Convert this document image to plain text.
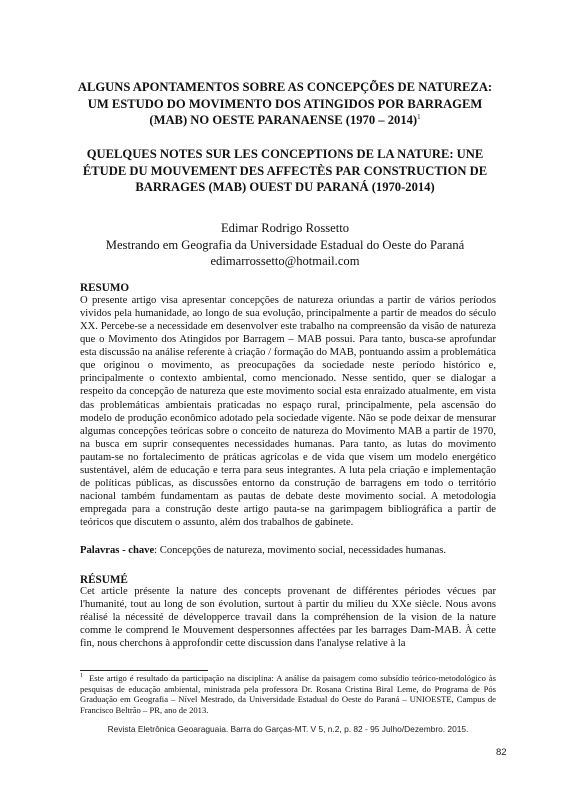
ALGUNS APONTAMENTOS SOBRE AS CONCEPÇÕES DE NATUREZA: UM ESTUDO DO MOVIMENTO DOS ATINGIDOS POR BARRAGEM (MAB) NO OESTE PARANAENSE (1970 – 2014)$^1$
QUELQUES NOTES SUR LES CONCEPTIONS DE LA NATURE: UNE ÉTUDE DU MOUVEMENT DES AFFECTÈS PAR CONSTRUCTION DE BARRAGES (MAB) OUEST DU PARANÁ (1970-2014)
Edimar Rodrigo Rossetto
Mestrando em Geografia da Universidade Estadual do Oeste do Paraná
edimarrossetto@hotmail.com
RESUMO
O presente artigo visa apresentar concepções de natureza oriundas a partir de vários períodos vividos pela humanidade, ao longo de sua evolução, principalmente a partir de meados do século XX. Percebe-se a necessidade em desenvolver este trabalho na compreensão da visão de natureza que o Movimento dos Atingidos por Barragem – MAB possui. Para tanto, busca-se aprofundar esta discussão na análise referente à criação / formação do MAB, pontuando assim a problemática que originou o movimento, as preocupações da sociedade neste período histórico e, principalmente o contexto ambiental, como mencionado. Nesse sentido, quer se dialogar a respeito da concepção de natureza que este movimento social esta enraizado atualmente, em vista das problemáticas ambientais praticadas no espaço rural, principalmente, pela ascensão do modelo de produção econômico adotado pela sociedade vigente. Não se pode deixar de mensurar algumas concepções teóricas sobre o conceito de natureza do Movimento MAB a partir de 1970, na busca em suprir consequentes necessidades humanas. Para tanto, as lutas do movimento pautam-se no fortalecimento de práticas agrícolas e de vida que visem um modelo energético sustentável, além de educação e terra para seus integrantes. A luta pela criação e implementação de políticas públicas, as discussões entorno da construção de barragens em todo o território nacional também fundamentam as pautas de debate deste movimento social. A metodologia empregada para a construção deste artigo pauta-se na garimpagem bibliográfica a partir de teóricos que discutem o assunto, além dos trabalhos de gabinete.
Palavras - chave: Concepções de natureza, movimento social, necessidades humanas.
RÉSUMÉ
Cet article présente la nature des concepts provenant de différentes périodes vécues par l'humanité, tout au long de son évolution, surtout à partir du milieu du XXe siècle. Nous avons réalisé la nécessité de développerce travail dans la compréhension de la vision de la nature comme le comprend le Mouvement despersonnes affectées par les barrages Dam-MAB. À cette fin, nous cherchons à approfondir cette discussion dans l'analyse relative à la
$^1$ Este artigo é resultado da participação na disciplina: A análise da paisagem como subsídio teórico-metodológico às pesquisas de educação ambiental, ministrada pela professora Dr. Rosana Cristina Biral Leme, do Programa de Pós Graduação em Geografia – Nível Mestrado, da Universidade Estadual do Oeste do Paraná – UNIOESTE, Campus de Francisco Beltrão – PR, ano de 2013.
Revista Eletrônica Geoaraguaia. Barra do Garças-MT. V 5, n.2, p. 82 - 95 Julho/Dezembro. 2015.
82
